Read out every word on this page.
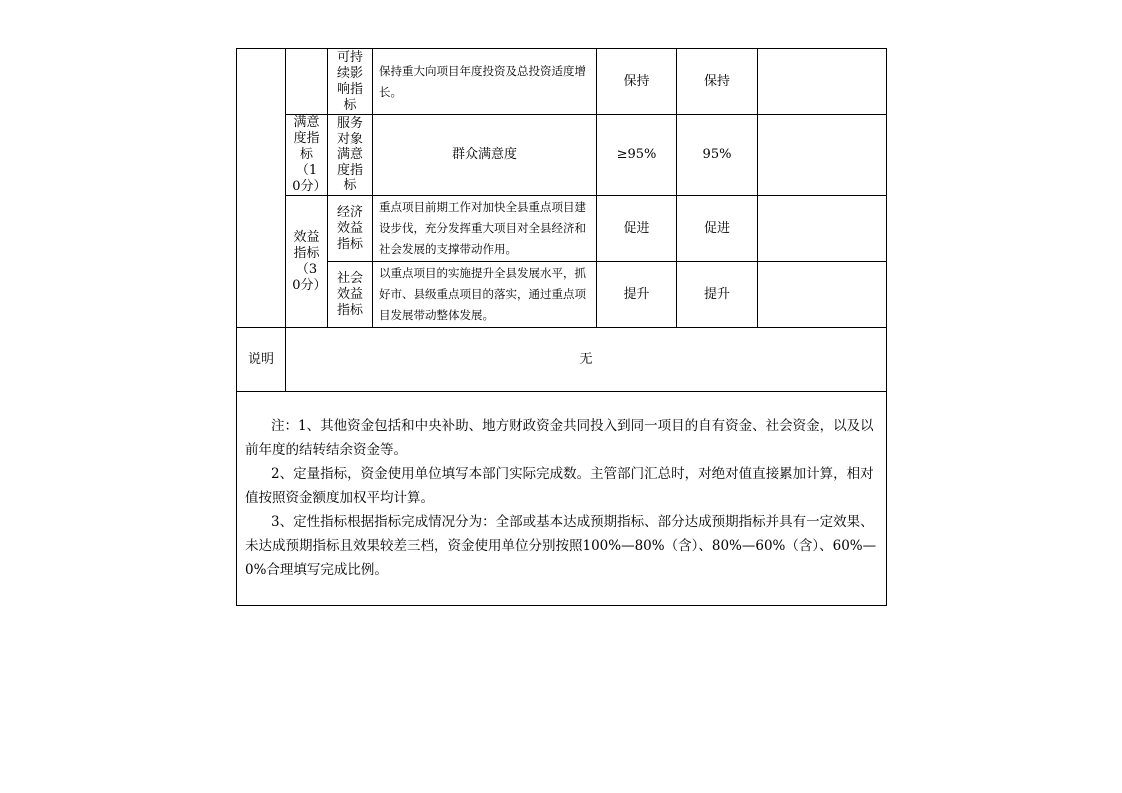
		可持续影响指标	保持重大向项目年度投资及总投资适度增长。	保持	保持	

	满意度指标（10分）	服务对象满意度指标	群众满意度	≥95%	95%	

	效益指标（30分）	经济效益指标	重点项目前期工作对加快全县重点项目建设步伐，充分发挥重大项目对全县经济和社会发展的支撑带动作用。	促进	促进	

		社会效益指标	以重点项目的实施提升全县发展水平，抓好市、县级重点项目的落实，通过重点项目发展带动整体发展。	提升	提升	
说明	无					

注：1、其他资金包括和中央补助、地方财政资金共同投入到同一项目的自有资金、社会资金，以及以前年度的结转结余资金等。

2、定量指标，资金使用单位填写本部门实际完成数。主管部门汇总时，对绝对值直接累加计算，相对值按照资金额度加权平均计算。

3、定性指标根据指标完成情况分为：全部或基本达成预期指标、部分达成预期指标并具有一定效果、未达成预期指标且效果较差三档，资金使用单位分别按照100%—80%（含）、80%—60%（含）、60%—0%合理填写完成比例。						
